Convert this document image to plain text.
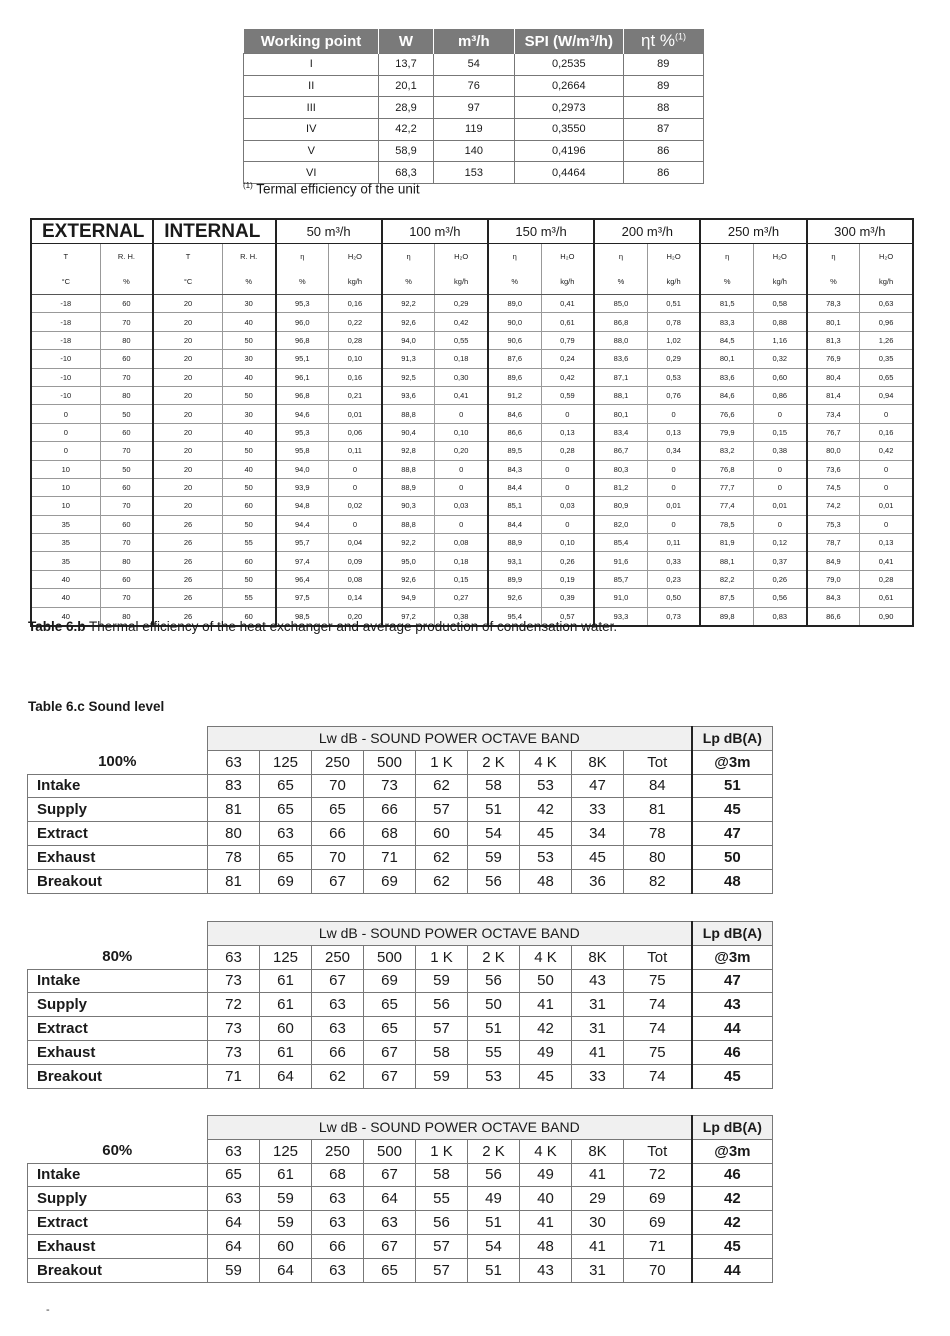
Working point	W	m³/h	SPI (W/m³/h)	ηt %$^{(1)}$
I	13,7	54	0,2535	89
II	20,1	76	0,2664	89
III	28,9	97	0,2973	88
IV	42,2	119	0,3550	87
V	58,9	140	0,4196	86
VI	68,3	153	0,4464	86
$^{(1)}$ Termal efficiency of the unit
EXTERNAL		INTERNAL		50 m³/h		100 m³/h		150 m³/h		200 m³/h		250 m³/h		300 m³/h	
T	R. H.	T	R. H.	η	H₂O	η	H₂O	η	H₂O	η	H₂O	η	H₂O	η	H₂O
°C	%	°C	%	%	kg/h	%	kg/h	%	kg/h	%	kg/h	%	kg/h	%	kg/h
-18	60	20	30	95,3	0,16	92,2	0,29	89,0	0,41	85,0	0,51	81,5	0,58	78,3	0,63
-18	70	20	40	96,0	0,22	92,6	0,42	90,0	0,61	86,8	0,78	83,3	0,88	80,1	0,96
-18	80	20	50	96,8	0,28	94,0	0,55	90,6	0,79	88,0	1,02	84,5	1,16	81,3	1,26
-10	60	20	30	95,1	0,10	91,3	0,18	87,6	0,24	83,6	0,29	80,1	0,32	76,9	0,35
-10	70	20	40	96,1	0,16	92,5	0,30	89,6	0,42	87,1	0,53	83,6	0,60	80,4	0,65
-10	80	20	50	96,8	0,21	93,6	0,41	91,2	0,59	88,1	0,76	84,6	0,86	81,4	0,94
0	50	20	30	94,6	0,01	88,8	0	84,6	0	80,1	0	76,6	0	73,4	0
0	60	20	40	95,3	0,06	90,4	0,10	86,6	0,13	83,4	0,13	79,9	0,15	76,7	0,16
0	70	20	50	95,8	0,11	92,8	0,20	89,5	0,28	86,7	0,34	83,2	0,38	80,0	0,42
10	50	20	40	94,0	0	88,8	0	84,3	0	80,3	0	76,8	0	73,6	0
10	60	20	50	93,9	0	88,9	0	84,4	0	81,2	0	77,7	0	74,5	0
10	70	20	60	94,8	0,02	90,3	0,03	85,1	0,03	80,9	0,01	77,4	0,01	74,2	0,01
35	60	26	50	94,4	0	88,8	0	84,4	0	82,0	0	78,5	0	75,3	0
35	70	26	55	95,7	0,04	92,2	0,08	88,9	0,10	85,4	0,11	81,9	0,12	78,7	0,13
35	80	26	60	97,4	0,09	95,0	0,18	93,1	0,26	91,6	0,33	88,1	0,37	84,9	0,41
40	60	26	50	96,4	0,08	92,6	0,15	89,9	0,19	85,7	0,23	82,2	0,26	79,0	0,28
40	70	26	55	97,5	0,14	94,9	0,27	92,6	0,39	91,0	0,50	87,5	0,56	84,3	0,61
40	80	26	60	98,5	0,20	97,2	0,38	95,4	0,57	93,3	0,73	89,8	0,83	86,6	0,90
Table 6.b Thermal efficiency of the heat exchanger and average production of condensation water.
Table 6.c Sound level
	Lw dB - SOUND POWER OCTAVE BAND									Lp dB(A)
100%	63	125	250	500	1 K	2 K	4 K	8K	Tot	@3m
Intake	83	65	70	73	62	58	53	47	84	51
Supply	81	65	65	66	57	51	42	33	81	45
Extract	80	63	66	68	60	54	45	34	78	47
Exhaust	78	65	70	71	62	59	53	45	80	50
Breakout	81	69	67	69	62	56	48	36	82	48
	Lw dB - SOUND POWER OCTAVE BAND									Lp dB(A)
80%	63	125	250	500	1 K	2 K	4 K	8K	Tot	@3m
Intake	73	61	67	69	59	56	50	43	75	47
Supply	72	61	63	65	56	50	41	31	74	43
Extract	73	60	63	65	57	51	42	31	74	44
Exhaust	73	61	66	67	58	55	49	41	75	46
Breakout	71	64	62	67	59	53	45	33	74	45
	Lw dB - SOUND POWER OCTAVE BAND									Lp dB(A)
60%	63	125	250	500	1 K	2 K	4 K	8K	Tot	@3m
Intake	65	61	68	67	58	56	49	41	72	46
Supply	63	59	63	64	55	49	40	29	69	42
Extract	64	59	63	63	56	51	41	30	69	42
Exhaust	64	60	66	67	57	54	48	41	71	45
Breakout	59	64	63	65	57	51	43	31	70	44
-
